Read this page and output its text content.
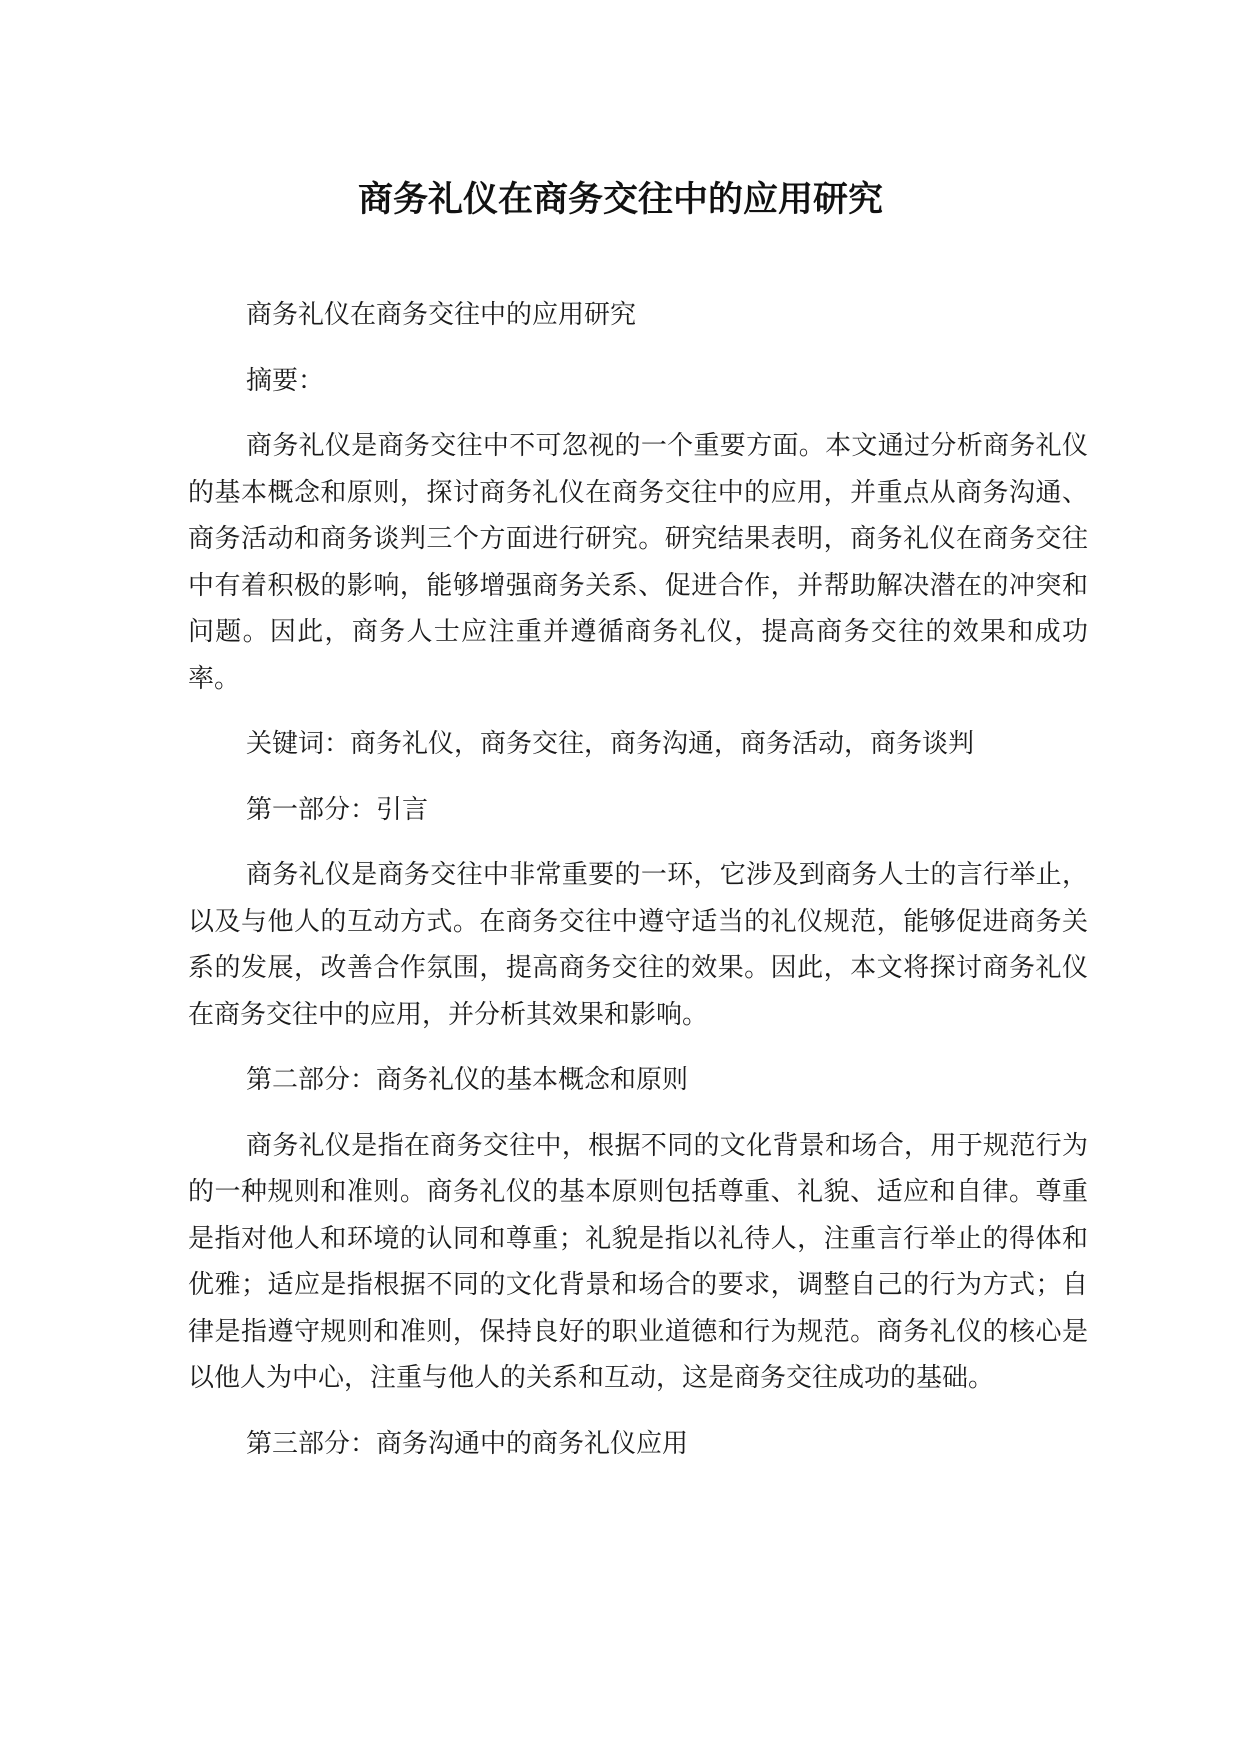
商务礼仪在商务交往中的应用研究

商务礼仪在商务交往中的应用研究

摘要：

商务礼仪是商务交往中不可忽视的一个重要方面。本文通过分析商务礼仪的基本概念和原则，探讨商务礼仪在商务交往中的应用，并重点从商务沟通、商务活动和商务谈判三个方面进行研究。研究结果表明，商务礼仪在商务交往中有着积极的影响，能够增强商务关系、促进合作，并帮助解决潜在的冲突和问题。因此，商务人士应注重并遵循商务礼仪，提高商务交往的效果和成功率。

关键词：商务礼仪，商务交往，商务沟通，商务活动，商务谈判

第一部分：引言

商务礼仪是商务交往中非常重要的一环，它涉及到商务人士的言行举止，以及与他人的互动方式。在商务交往中遵守适当的礼仪规范，能够促进商务关系的发展，改善合作氛围，提高商务交往的效果。因此，本文将探讨商务礼仪在商务交往中的应用，并分析其效果和影响。

第二部分：商务礼仪的基本概念和原则

商务礼仪是指在商务交往中，根据不同的文化背景和场合，用于规范行为的一种规则和准则。商务礼仪的基本原则包括尊重、礼貌、适应和自律。尊重是指对他人和环境的认同和尊重；礼貌是指以礼待人，注重言行举止的得体和优雅；适应是指根据不同的文化背景和场合的要求，调整自己的行为方式；自律是指遵守规则和准则，保持良好的职业道德和行为规范。商务礼仪的核心是以他人为中心，注重与他人的关系和互动，这是商务交往成功的基础。

第三部分：商务沟通中的商务礼仪应用
